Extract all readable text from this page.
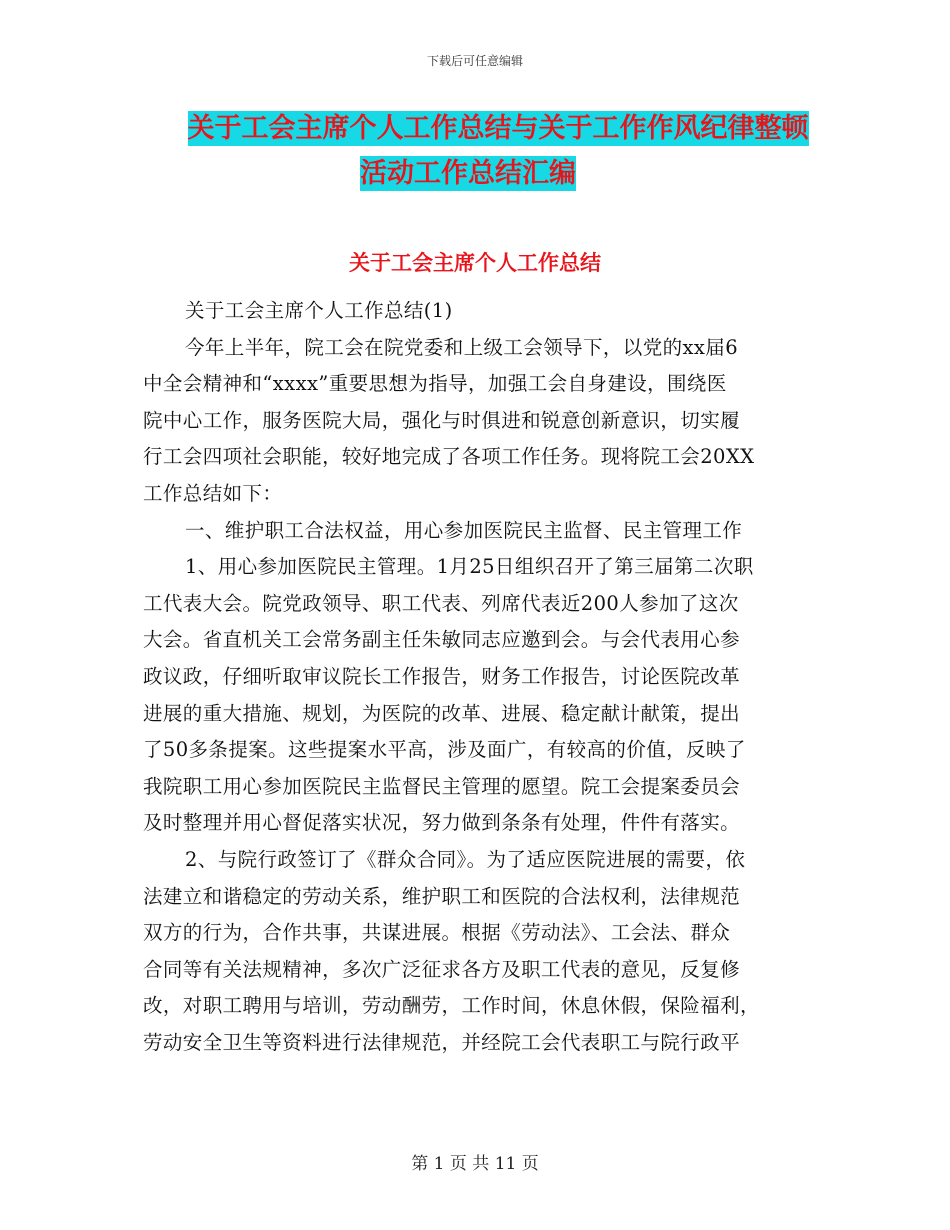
下载后可任意编辑
关于工会主席个人工作总结与关于工作作风纪律整顿
活动工作总结汇编
关于工会主席个人工作总结
关于工会主席个人工作总结(1)
今年上半年，院工会在院党委和上级工会领导下，以党的xx届6
中全会精神和“xxxx”重要思想为指导，加强工会自身建设，围绕医
院中心工作，服务医院大局，强化与时俱进和锐意创新意识，切实履
行工会四项社会职能，较好地完成了各项工作任务。现将院工会20XX
工作总结如下：
一、维护职工合法权益，用心参加医院民主监督、民主管理工作
1、用心参加医院民主管理。1月25日组织召开了第三届第二次职
工代表大会。院党政领导、职工代表、列席代表近200人参加了这次
大会。省直机关工会常务副主任朱敏同志应邀到会。与会代表用心参
政议政，仔细听取审议院长工作报告，财务工作报告，讨论医院改革
进展的重大措施、规划，为医院的改革、进展、稳定献计献策，提出
了50多条提案。这些提案水平高，涉及面广，有较高的价值，反映了
我院职工用心参加医院民主监督民主管理的愿望。院工会提案委员会
及时整理并用心督促落实状况，努力做到条条有处理，件件有落实。
2、与院行政签订了《群众合同》。为了适应医院进展的需要，依
法建立和谐稳定的劳动关系，维护职工和医院的合法权利，法律规范
双方的行为，合作共事，共谋进展。根据《劳动法》、工会法、群众
合同等有关法规精神，多次广泛征求各方及职工代表的意见，反复修
改，对职工聘用与培训，劳动酬劳，工作时间，休息休假，保险福利，
劳动安全卫生等资料进行法律规范，并经院工会代表职工与院行政平
第 1 页 共 11 页
